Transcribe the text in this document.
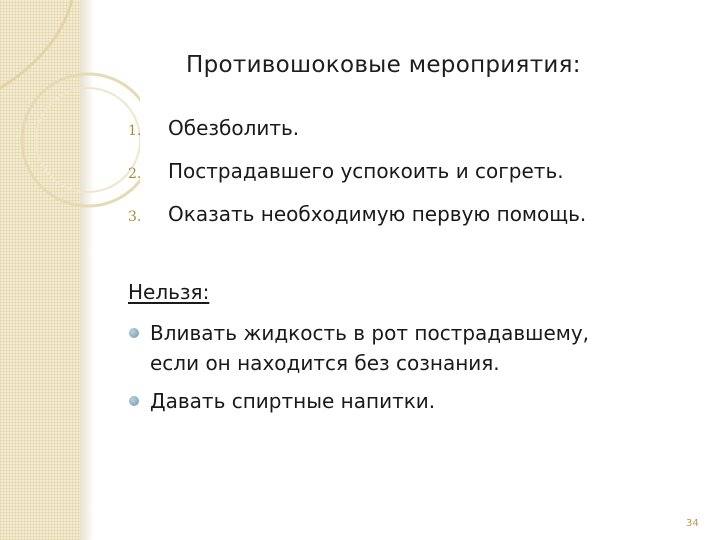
Противошоковые мероприятия:
1.	Обезболить.
2.	Пострадавшего успокоить и согреть.
3.	Оказать необходимую первую помощь.
Нельзя:
Вливать жидкость в рот пострадавшему,
если он находится без сознания.
Давать спиртные напитки.
34
